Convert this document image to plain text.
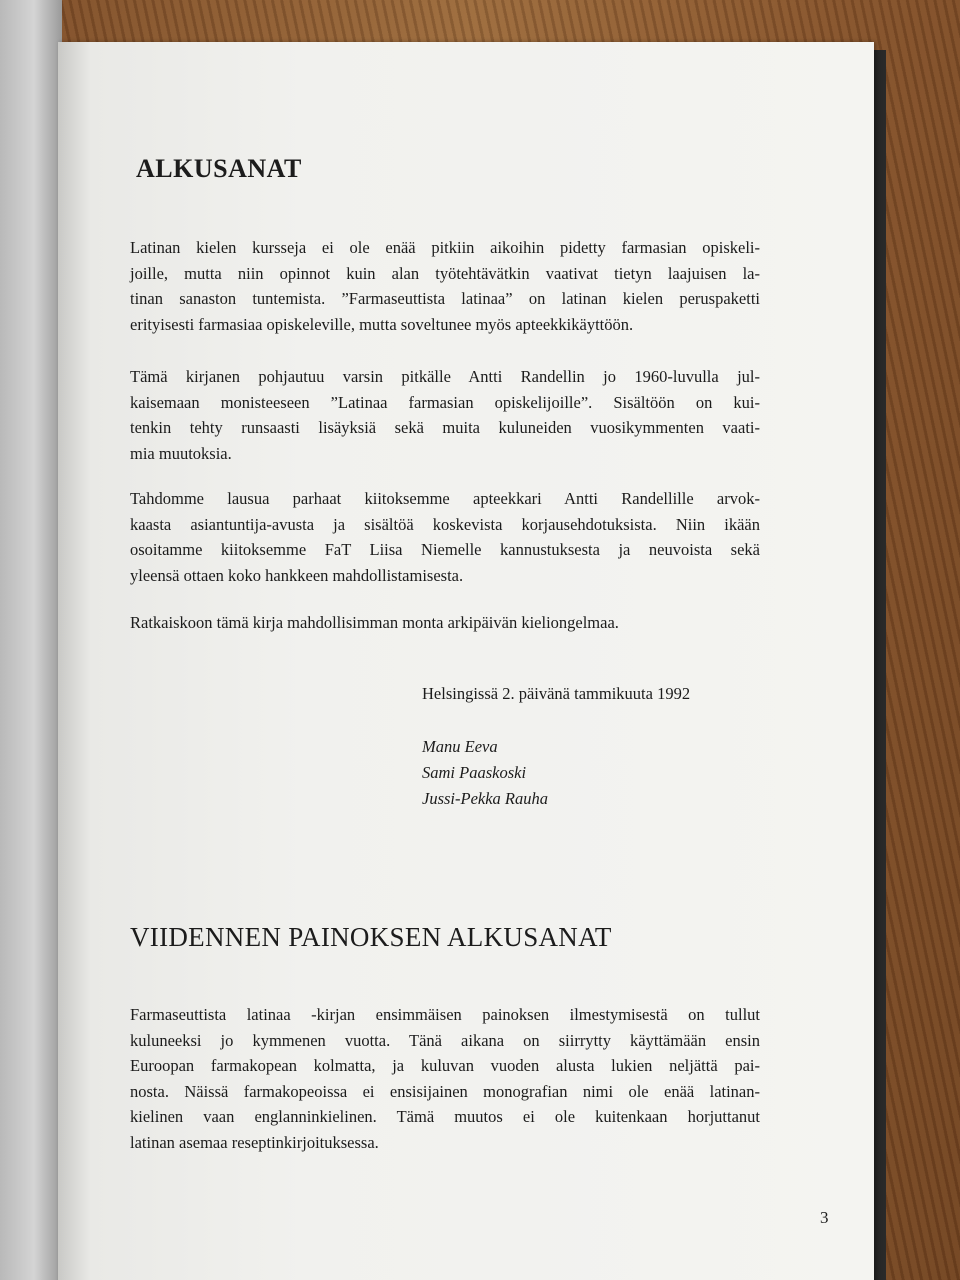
ALKUSANAT
Latinan kielen kursseja ei ole enää pitkiin aikoihin pidetty farmasian opiskeli-
joille, mutta niin opinnot kuin alan työtehtävätkin vaativat tietyn laajuisen la-
tinan sanaston tuntemista. ”Farmaseuttista latinaa” on latinan kielen peruspaketti
erityisesti farmasiaa opiskeleville, mutta soveltunee myös apteekkikäyttöön.
Tämä kirjanen pohjautuu varsin pitkälle Antti Randellin jo 1960-luvulla jul-
kaisemaan monisteeseen ”Latinaa farmasian opiskelijoille”. Sisältöön on kui-
tenkin tehty runsaasti lisäyksiä sekä muita kuluneiden vuosikymmenten vaati-
mia muutoksia.
Tahdomme lausua parhaat kiitoksemme apteekkari Antti Randellille arvok-
kaasta asiantuntija-avusta ja sisältöä koskevista korjausehdotuksista. Niin ikään
osoitamme kiitoksemme FaT Liisa Niemelle kannustuksesta ja neuvoista sekä
yleensä ottaen koko hankkeen mahdollistamisesta.
Ratkaiskoon tämä kirja mahdollisimman monta arkipäivän kieliongelmaa.
Helsingissä 2. päivänä tammikuuta 1992
Manu Eeva
Sami Paaskoski
Jussi-Pekka Rauha
VIIDENNEN PAINOKSEN ALKUSANAT
Farmaseuttista latinaa -kirjan ensimmäisen painoksen ilmestymisestä on tullut
kuluneeksi jo kymmenen vuotta. Tänä aikana on siirrytty käyttämään ensin
Euroopan farmakopean kolmatta, ja kuluvan vuoden alusta lukien neljättä pai-
nosta. Näissä farmakopeoissa ei ensisijainen monografian nimi ole enää latinan-
kielinen vaan englanninkielinen. Tämä muutos ei ole kuitenkaan horjuttanut
latinan asemaa reseptinkirjoituksessa.
3
